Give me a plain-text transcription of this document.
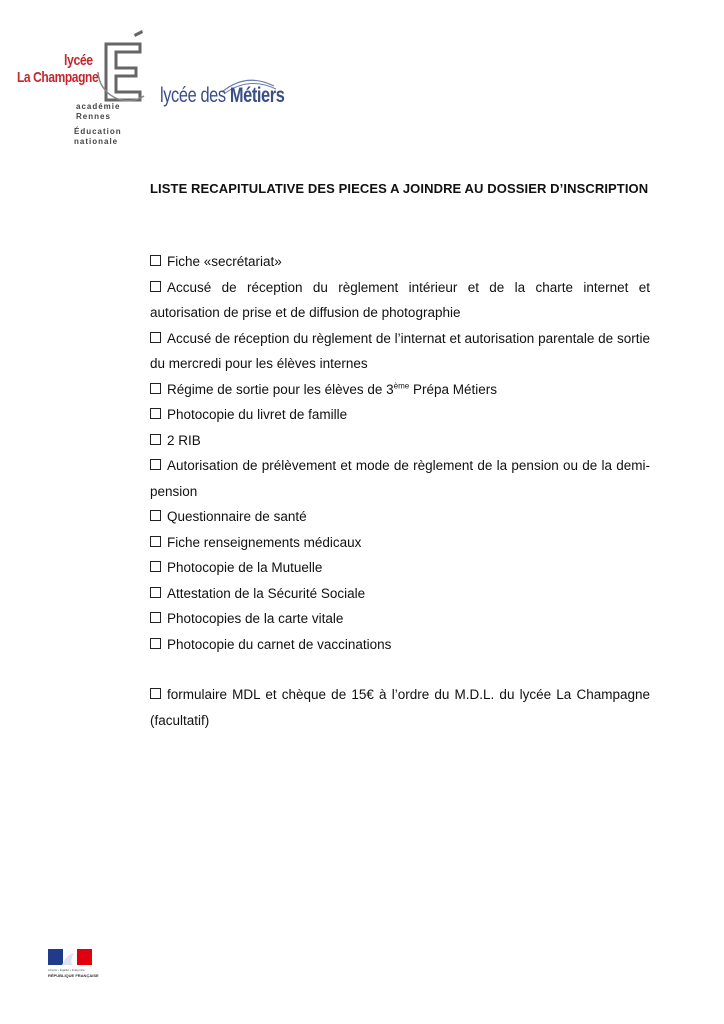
lycée
La Champagne
académie
Rennes
Éducation
nationale
lycée des Métiers
LISTE RECAPITULATIVE DES PIECES A JOINDRE AU DOSSIER D’INSCRIPTION
Fiche «secrétariat»
Accusé de réception du règlement intérieur et de la charte internet et autorisation de prise et de diffusion de photographie
Accusé de réception du règlement de l’internat et autorisation parentale de sortie du mercredi pour les élèves internes
Régime de sortie pour les élèves de 3ème Prépa Métiers
Photocopie du livret de famille
2 RIB
Autorisation de prélèvement et mode de règlement de la pension ou de la demi-pension
Questionnaire de santé
Fiche renseignements médicaux
Photocopie de la Mutuelle
Attestation de la Sécurité Sociale
Photocopies de la carte vitale
Photocopie du carnet de vaccinations
formulaire MDL et chèque de 15€ à l’ordre du M.D.L. du lycée La Champagne (facultatif)
Liberté • Égalité • Fraternité
RÉPUBLIQUE FRANÇAISE
